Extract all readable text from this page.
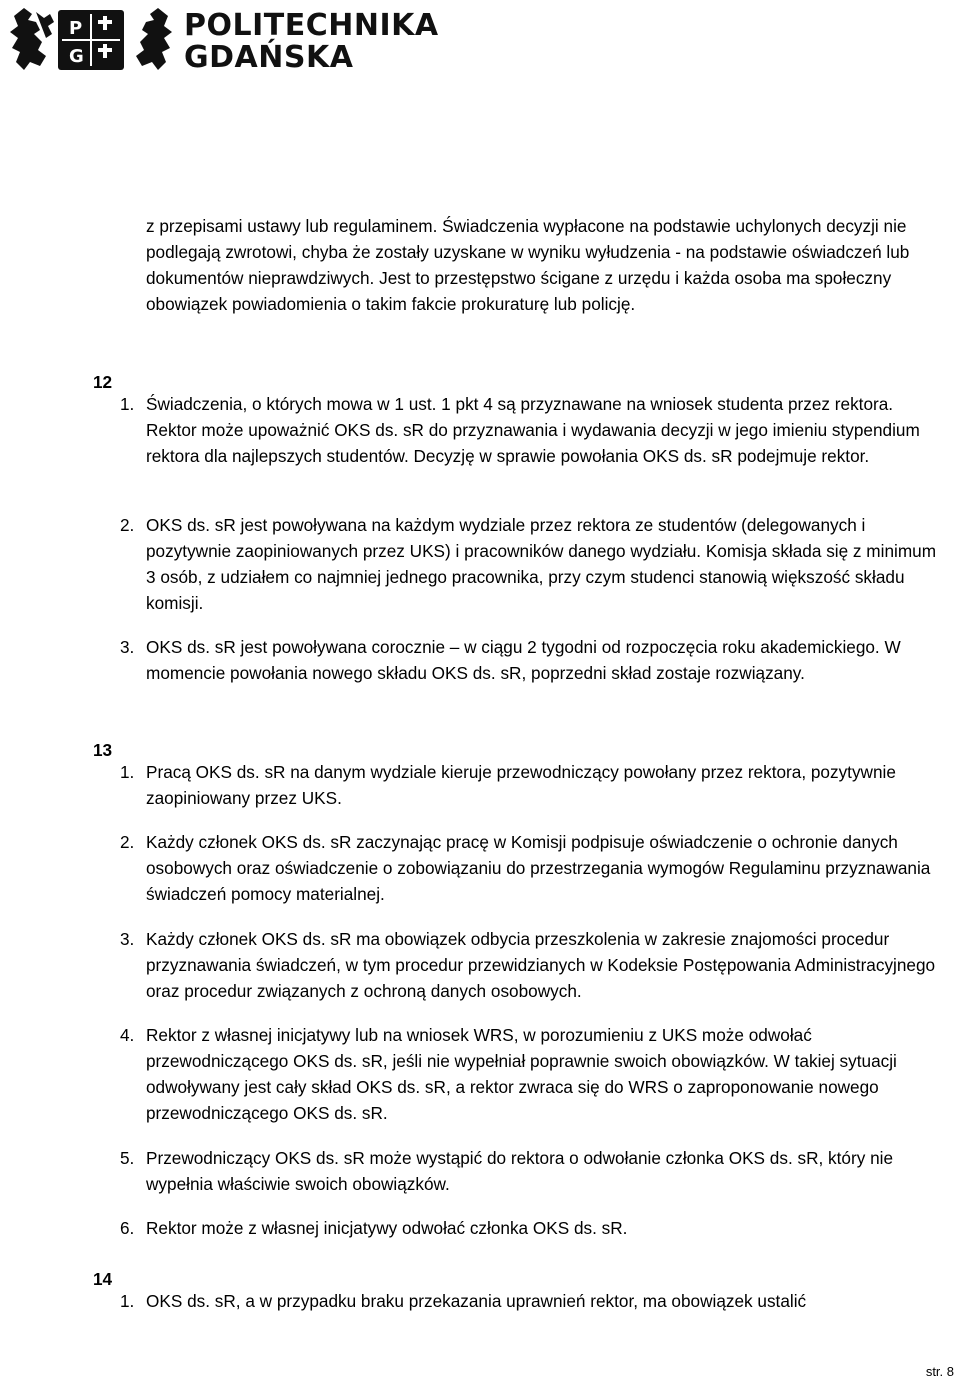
P
G
POLITECHNIKA
GDAŃSKA

z przepisami ustawy lub regulaminem. Świadczenia wypłacone na podstawie uchylonych decyzji nie podlegają zwrotowi, chyba że zostały uzyskane w wyniku wyłudzenia - na podstawie oświadczeń lub dokumentów nieprawdziwych. Jest to przestępstwo ścigane z urzędu i każda osoba ma społeczny obowiązek powiadomienia o takim fakcie prokuraturę lub policję.

12
1. Świadczenia, o których mowa w 1 ust. 1 pkt 4 są przyznawane na wniosek studenta przez rektora. Rektor może upoważnić OKS ds. sR do przyznawania i wydawania decyzji w jego imieniu stypendium rektora dla najlepszych studentów. Decyzję w sprawie powołania OKS ds. sR podejmuje rektor.
2. OKS ds. sR jest powoływana na każdym wydziale przez rektora ze studentów (delegowanych i pozytywnie zaopiniowanych przez UKS) i pracowników danego wydziału. Komisja składa się z minimum 3 osób, z udziałem co najmniej jednego pracownika, przy czym studenci stanowią większość składu komisji.
3. OKS ds. sR jest powoływana corocznie – w ciągu 2 tygodni od rozpoczęcia roku akademickiego. W momencie powołania nowego składu OKS ds. sR, poprzedni skład zostaje rozwiązany.
13
1. Pracą OKS ds. sR na danym wydziale kieruje przewodniczący powołany przez rektora, pozytywnie zaopiniowany przez UKS.
2. Każdy członek OKS ds. sR zaczynając pracę w Komisji podpisuje oświadczenie o ochronie danych osobowych oraz oświadczenie o zobowiązaniu do przestrzegania wymogów Regulaminu przyznawania świadczeń pomocy materialnej.
3. Każdy członek OKS ds. sR ma obowiązek odbycia przeszkolenia w zakresie znajomości procedur przyznawania świadczeń, w tym procedur przewidzianych w Kodeksie Postępowania Administracyjnego oraz procedur związanych z ochroną danych osobowych.
4. Rektor z własnej inicjatywy lub na wniosek WRS, w porozumieniu z UKS może odwołać przewodniczącego OKS ds. sR, jeśli nie wypełniał poprawnie swoich obowiązków. W takiej sytuacji odwoływany jest cały skład OKS ds. sR, a rektor zwraca się do WRS o zaproponowanie nowego przewodniczącego OKS ds. sR.
5. Przewodniczący OKS ds. sR może wystąpić do rektora o odwołanie członka OKS ds. sR, który nie wypełnia właściwie swoich obowiązków.
6. Rektor może z własnej inicjatywy odwołać członka OKS ds. sR.
14
1. OKS ds. sR, a w przypadku braku przekazania uprawnień rektor, ma obowiązek ustalić
str. 8
